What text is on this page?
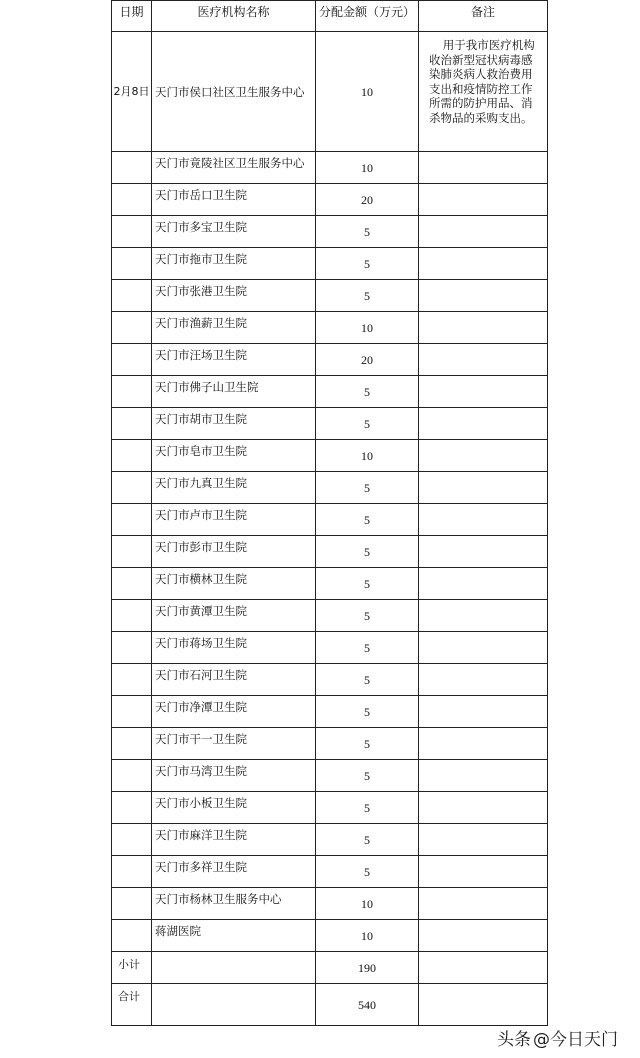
日期	医疗机构名称	分配金额（万元）	备注
2月8日	天门市侯口社区卫生服务中心	10	用于我市医疗机构收治新型冠状病毒感染肺炎病人救治费用支出和疫情防控工作所需的防护用品、消杀物品的采购支出。
	天门市竟陵社区卫生服务中心	10	
	天门市岳口卫生院	20	
	天门市多宝卫生院	5	
	天门市拖市卫生院	5	
	天门市张港卫生院	5	
	天门市渔薪卫生院	10	
	天门市汪场卫生院	20	
	天门市佛子山卫生院	5	
	天门市胡市卫生院	5	
	天门市皂市卫生院	10	
	天门市九真卫生院	5	
	天门市卢市卫生院	5	
	天门市彭市卫生院	5	
	天门市横林卫生院	5	
	天门市黄潭卫生院	5	
	天门市蒋场卫生院	5	
	天门市石河卫生院	5	
	天门市净潭卫生院	5	
	天门市干一卫生院	5	
	天门市马湾卫生院	5	
	天门市小板卫生院	5	
	天门市麻洋卫生院	5	
	天门市多祥卫生院	5	
	天门市杨林卫生服务中心	10	
	蒋湖医院	10	
小计		190	
合计		540	
头条 @今日天门
